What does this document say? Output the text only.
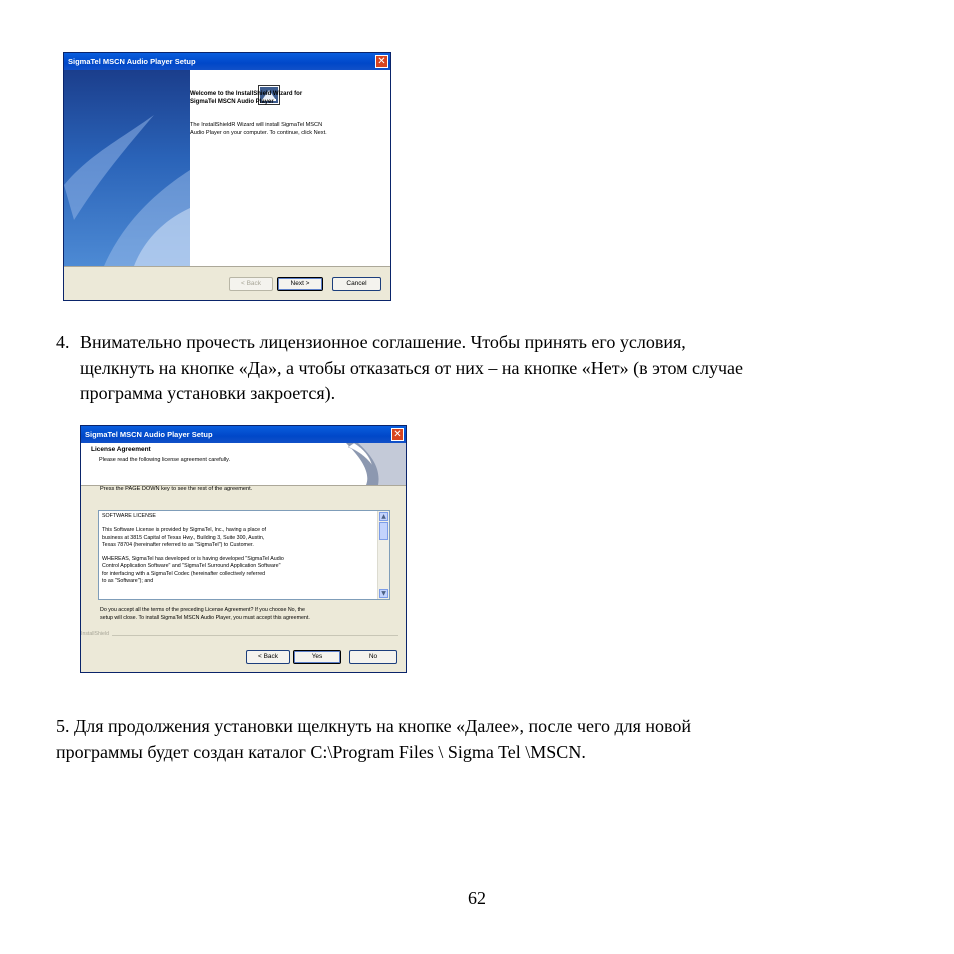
SigmaTel MSCN Audio Player Setup	✕
Welcome to the InstallShield Wizard for
SigmaTel MSCN Audio Player
The InstallShieldR Wizard will install SigmaTel MSCN
Audio Player on your computer. To continue, click Next.
< Back	Next >	Cancel
4. Внимательно прочесть лицензионное соглашение. Чтобы принять его условия,
щелкнуть на кнопке «Да», а чтобы отказаться от них – на кнопке «Нет» (в этом случае
программа установки закроется).
SigmaTel MSCN Audio Player Setup	✕
License Agreement
Please read the following license agreement carefully.
Press the PAGE DOWN key to see the rest of the agreement.
SOFTWARE LICENSE
This Software License is provided by SigmaTel, Inc., having a place of
business at 3815 Capital of Texas Hwy., Building 3, Suite 300, Austin,
Texas 78704 (hereinafter referred to as "SigmaTel") to Customer.
WHEREAS, SigmaTel has developed or is having developed "SigmaTel Audio
Control Application Software" and "SigmaTel Surround Application Software"
for interfacing with a SigmaTel Codec (hereinafter collectively referred
to as "Software"); and
▲
▼
Do you accept all the terms of the preceding License Agreement? If you choose No, the
setup will close. To install SigmaTel MSCN Audio Player, you must accept this agreement.
InstallShield
< Back	Yes	No
5. Для продолжения установки щелкнуть на кнопке «Далее», после чего для новой
программы будет создан каталог C:\Program Files \ Sigma Tel \MSCN.
62
